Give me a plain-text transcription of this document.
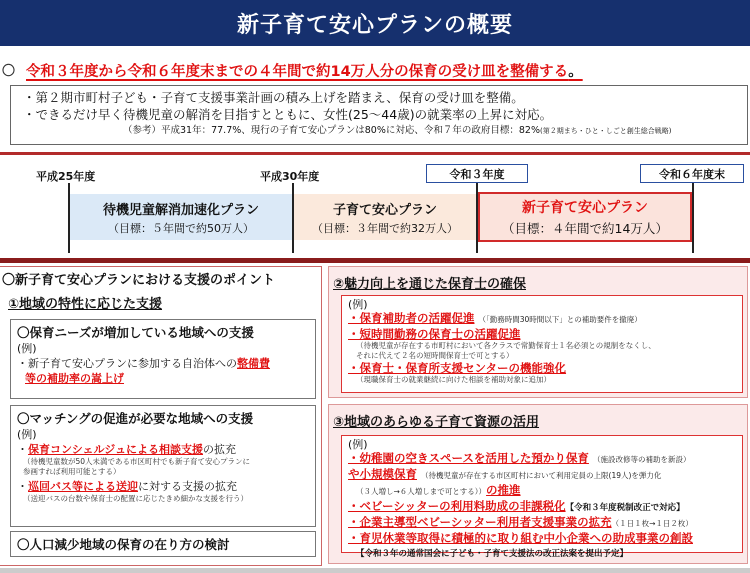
新子育て安心プランの概要
〇 令和３年度から令和６年度末までの４年間で約14万人分の保育の受け皿を整備する。
・第２期市町村子ども・子育て支援事業計画の積み上げを踏まえ、保育の受け皿を整備。
・できるだけ早く待機児童の解消を目指すとともに、女性(25～44歳)の就業率の上昇に対応。
（参考）平成31年：77.7%、現行の子育て安心プランは80%に対応、令和７年の政府目標：82%(第２期まち・ひと・しごと創生総合戦略)
平成25年度	平成30年度	令和３年度	令和６年度末
待機児童解消加速化プラン
（目標：５年間で約50万人）
子育て安心プラン
（目標：３年間で約32万人）
新子育て安心プラン
（目標：４年間で約14万人）
〇新子育て安心プランにおける支援のポイント
①地域の特性に応じた支援
〇保育ニーズが増加している地域への支援
(例)
・新子育て安心プランに参加する自治体への整備費
等の補助率の嵩上げ
〇マッチングの促進が必要な地域への支援
(例)
・保育コンシェルジュによる相談支援の拡充
（待機児童数が50人未満である市区町村でも新子育て安心プランに
参画すれば利用可能とする）
・巡回バス等による送迎に対する支援の拡充
（送迎バスの台数や保育士の配置に応じたきめ細かな支援を行う）
〇人口減少地域の保育の在り方の検討
②魅力向上を通じた保育士の確保
(例)
・保育補助者の活躍促進 （「勤務時間30時間以下」との補助要件を撤廃）
・短時間勤務の保育士の活躍促進
（待機児童が存在する市町村において各クラスで常勤保育士１名必須との規制をなくし、
それに代えて２名の短時間保育士で可とする）
・保育士・保育所支援センターの機能強化
（現職保育士の就業継続に向けた相談を補助対象に追加）
③地域のあらゆる子育て資源の活用
(例)
・幼稚園の空きスペースを活用した預かり保育 （施設改修等の補助を新設）
や小規模保育 （待機児童が存在する市区町村において利用定員の上限(19人)を弾力化
（３人増し→６人増しまで可とする））の推進
・ベビーシッターの利用料助成の非課税化【令和３年度税制改正で対応】
・企業主導型ベビーシッター利用者支援事業の拡充（１日１枚→１日２枚）
・育児休業等取得に積極的に取り組む中小企業への助成事業の創設
【令和３年の通常国会に子ども・子育て支援法の改正法案を提出予定】
